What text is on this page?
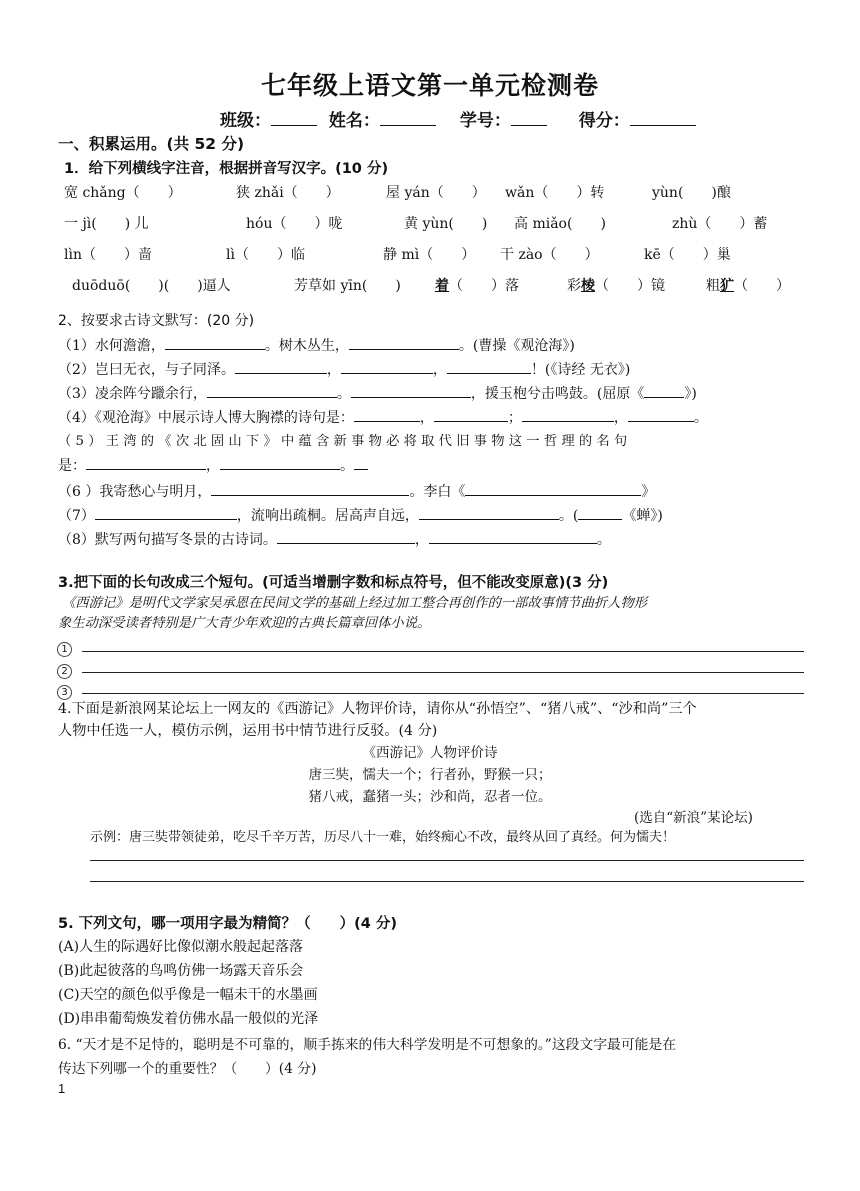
七年级上语文第一单元检测卷
班级：	姓名：	学号：	得分：
一、积累运用。(共 52 分)
1．给下列横线字注音，根据拼音写汉字。(10 分)
宽 chǎng（　　）	狭 zhǎi（　　）	屋 yán（　　） wǎn（　　）转	yùn(　　)酿
一 jì(　　) 儿	hóu（　　）咙	黄 yùn(　　) 高 miǎo(　　)	zhù（　　）蓄
lìn（　　）啬	lì（　　）临	静 mì（　　） 干 zào（　　）	kē（　　）巢
duōduō(　　)(　　)逼人	芳草如 yīn(　　) 着（　　）落	彩棱（　　）镜	粗犷（　　）
2、按要求古诗文默写：(20 分)
（1）水何澹澹，	。树木丛生，	。(曹操《观沧海》)
（2）岂曰无衣，与子同泽。	，	，	！(《诗经 无衣》)
（3）凌余阵兮躐余行，	。	，援玉枹兮击鸣鼓。(屈原《	》)
（4）《观沧海》中展示诗人博大胸襟的诗句是：	，	；	，	。
（ 5 ） 王 湾 的 《 次 北 固 山 下 》 中 蕴 含 新 事 物 必 将 取 代 旧 事 物 这 一 哲 理 的 名 句
是：	，	。
（6 ）我寄愁心与明月，	。李白《	》
（7）	，流响出疏桐。居高声自远，	。(	《蝉》)
（8）默写两句描写冬景的古诗词。	，	。
3.把下面的长句改成三个短句。(可适当增删字数和标点符号，但不能改变原意)(3 分)
《西游记》是明代文学家吴承恩在民间文学的基础上经过加工整合再创作的一部故事情节曲折人物形
象生动深受读者特别是广大青少年欢迎的古典长篇章回体小说。
1
2
3
4.下面是新浪网某论坛上一网友的《西游记》人物评价诗，请你从“孙悟空”、“猪八戒”、“沙和尚”三个
人物中任选一人，模仿示例，运用书中情节进行反驳。(4 分)
《西游记》人物评价诗
唐三奘，懦夫一个；行者孙，野猴一只；
猪八戒，蠢猪一头；沙和尚，忍者一位。
(选自“新浪”某论坛)
示例：唐三奘带领徒弟，吃尽千辛万苦，历尽八十一难，始终痴心不改，最终从回了真经。何为懦夫！
5. 下列文句，哪一项用字最为精简？（　　）(4 分)
(A)人生的际遇好比像似潮水般起起落落
(B)此起彼落的鸟鸣仿佛一场露天音乐会
(C)天空的颜色似乎像是一幅未干的水墨画
(D)串串葡萄焕发着仿佛水晶一般似的光泽
6. “天才是不足恃的，聪明是不可靠的，顺手拣来的伟大科学发明是不可想象的。”这段文字最可能是在
传达下列哪一个的重要性？（　　）(4 分)
1
